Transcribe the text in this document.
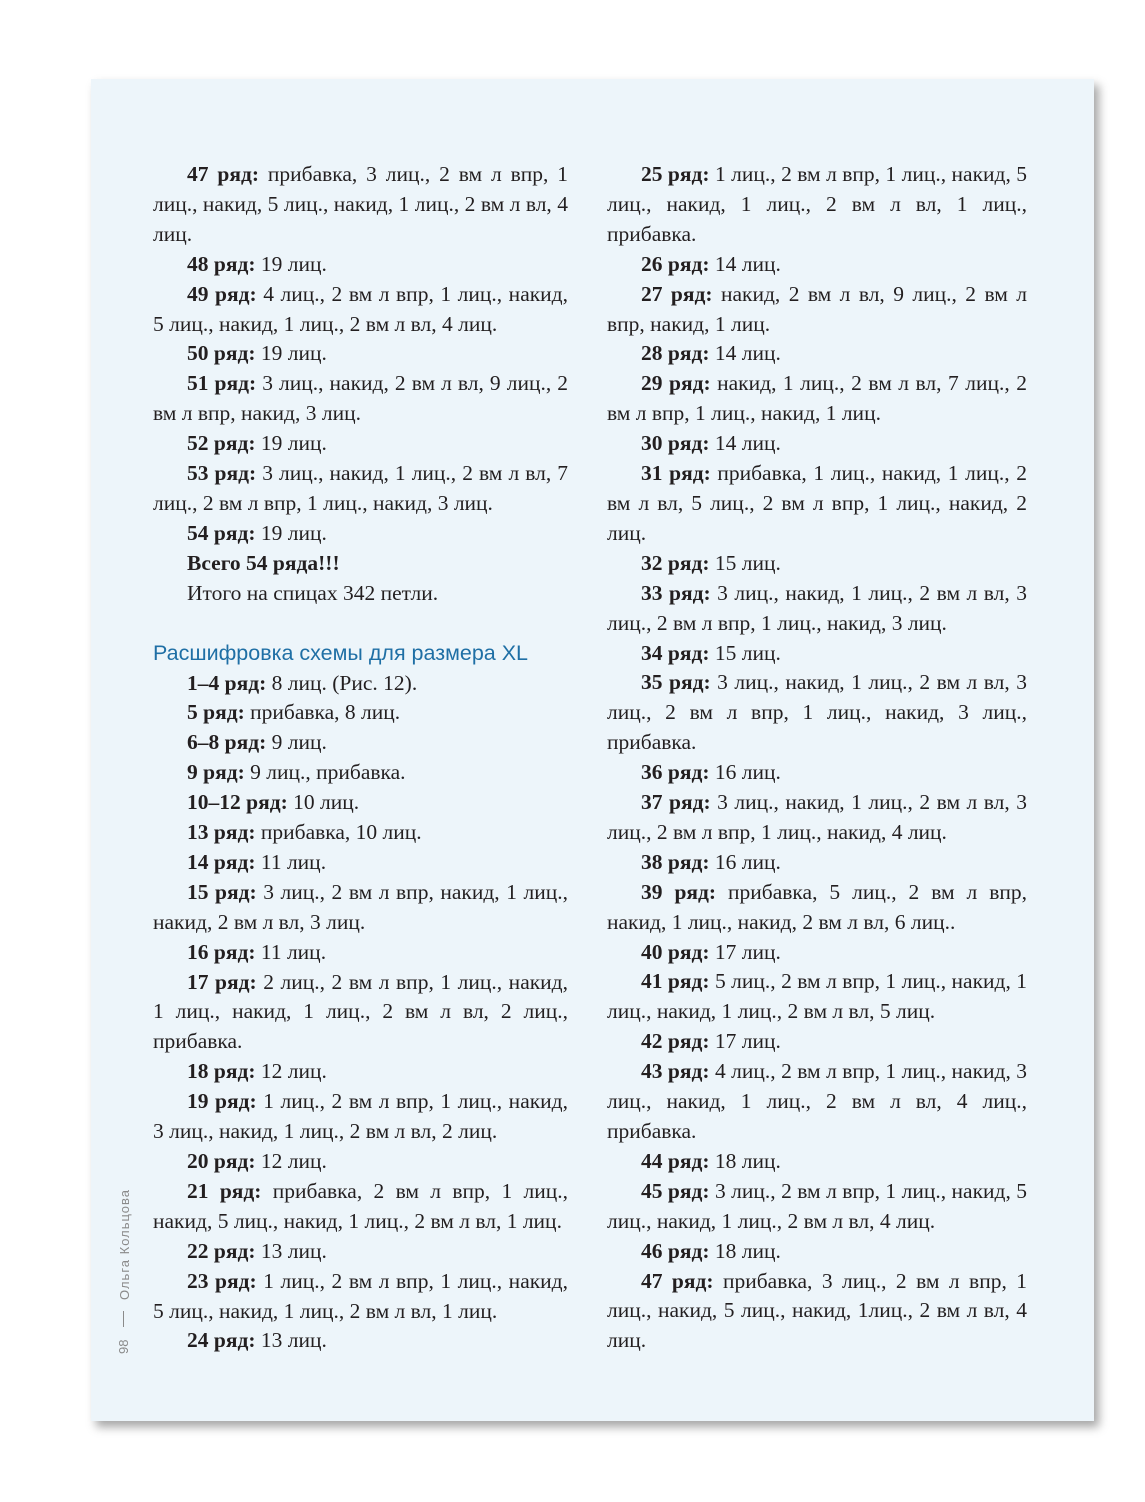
47 ряд: прибавка, 3 лиц., 2 вм л впр, 1 лиц., накид, 5 лиц., накид, 1 лиц., 2 вм л вл, 4 лиц.

48 ряд: 19 лиц.

49 ряд: 4 лиц., 2 вм л впр, 1 лиц., накид, 5 лиц., накид, 1 лиц., 2 вм л вл, 4 лиц.

50 ряд: 19 лиц.

51 ряд: 3 лиц., накид, 2 вм л вл, 9 лиц., 2 вм л впр, накид, 3 лиц.

52 ряд: 19 лиц.

53 ряд: 3 лиц., накид, 1 лиц., 2 вм л вл, 7 лиц., 2 вм л впр, 1 лиц., накид, 3 лиц.

54 ряд: 19 лиц.

Всего 54 ряда!!!
Итого на спицах 342 петли.
Расшифровка схемы для размера XL

1–4 ряд: 8 лиц. (Рис. 12).

5 ряд: прибавка, 8 лиц.

6–8 ряд: 9 лиц.

9 ряд: 9 лиц., прибавка.

10–12 ряд: 10 лиц.

13 ряд: прибавка, 10 лиц.

14 ряд: 11 лиц.

15 ряд: 3 лиц., 2 вм л впр, накид, 1 лиц., накид, 2 вм л вл, 3 лиц.

16 ряд: 11 лиц.

17 ряд: 2 лиц., 2 вм л впр, 1 лиц., накид, 1 лиц., накид, 1 лиц., 2 вм л вл, 2 лиц., прибавка.

18 ряд: 12 лиц.

19 ряд: 1 лиц., 2 вм л впр, 1 лиц., накид, 3 лиц., накид, 1 лиц., 2 вм л вл, 2 лиц.

20 ряд: 12 лиц.

21 ряд: прибавка, 2 вм л впр, 1 лиц., накид, 5 лиц., накид, 1 лиц., 2 вм л вл, 1 лиц.

22 ряд: 13 лиц.

23 ряд: 1 лиц., 2 вм л впр, 1 лиц., накид, 5 лиц., накид, 1 лиц., 2 вм л вл, 1 лиц.

24 ряд: 13 лиц.

25 ряд: 1 лиц., 2 вм л впр, 1 лиц., накид, 5 лиц., накид, 1 лиц., 2 вм л вл, 1 лиц., прибавка.

26 ряд: 14 лиц.

27 ряд: накид, 2 вм л вл, 9 лиц., 2 вм л впр, накид, 1 лиц.

28 ряд: 14 лиц.

29 ряд: накид, 1 лиц., 2 вм л вл, 7 лиц., 2 вм л впр, 1 лиц., накид, 1 лиц.

30 ряд: 14 лиц.

31 ряд: прибавка, 1 лиц., накид, 1 лиц., 2 вм л вл, 5 лиц., 2 вм л впр, 1 лиц., накид, 2 лиц.

32 ряд: 15 лиц.

33 ряд: 3 лиц., накид, 1 лиц., 2 вм л вл, 3 лиц., 2 вм л впр, 1 лиц., накид, 3 лиц.

34 ряд: 15 лиц.

35 ряд: 3 лиц., накид, 1 лиц., 2 вм л вл, 3 лиц., 2 вм л впр, 1 лиц., накид, 3 лиц., прибавка.

36 ряд: 16 лиц.

37 ряд: 3 лиц., накид, 1 лиц., 2 вм л вл, 3 лиц., 2 вм л впр, 1 лиц., накид, 4 лиц.

38 ряд: 16 лиц.

39 ряд: прибавка, 5 лиц., 2 вм л впр, накид, 1 лиц., накид, 2 вм л вл, 6 лиц..

40 ряд: 17 лиц.

41 ряд: 5 лиц., 2 вм л впр, 1 лиц., накид, 1 лиц., накид, 1 лиц., 2 вм л вл, 5 лиц.

42 ряд: 17 лиц.

43 ряд: 4 лиц., 2 вм л впр, 1 лиц., накид, 3 лиц., накид, 1 лиц., 2 вм л вл, 4 лиц., прибавка.

44 ряд: 18 лиц.

45 ряд: 3 лиц., 2 вм л впр, 1 лиц., накид, 5 лиц., накид, 1 лиц., 2 вм л вл, 4 лиц.

46 ряд: 18 лиц.

47 ряд: прибавка, 3 лиц., 2 вм л впр, 1 лиц., накид, 5 лиц., накид, 1лиц., 2 вм л вл, 4 лиц.

Ольга Кольцова
98
